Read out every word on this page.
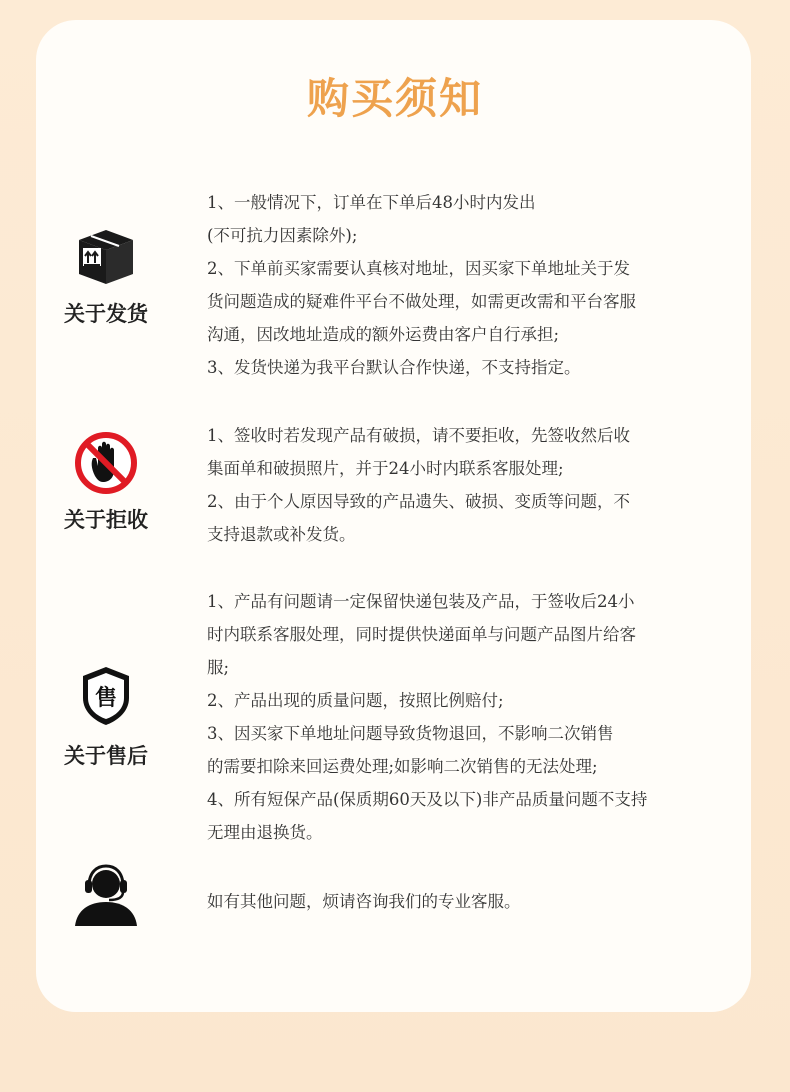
购买须知
关于发货
1、一般情况下，订单在下单后48小时内发出
(不可抗力因素除外);
2、下单前买家需要认真核对地址，因买家下单地址关于发
货问题造成的疑难件平台不做处理，如需更改需和平台客服
沟通，因改地址造成的额外运费由客户自行承担;
3、发货快递为我平台默认合作快递，不支持指定。
关于拒收
1、签收时若发现产品有破损，请不要拒收，先签收然后收
集面单和破损照片，并于24小时内联系客服处理;
2、由于个人原因导致的产品遗失、破损、变质等问题，不
支持退款或补发货。
售
关于售后
1、产品有问题请一定保留快递包装及产品，于签收后24小
时内联系客服处理，同时提供快递面单与问题产品图片给客
服;
2、产品出现的质量问题，按照比例赔付;
3、因买家下单地址问题导致货物退回，不影响二次销售
的需要扣除来回运费处理;如影响二次销售的无法处理;
4、所有短保产品(保质期60天及以下)非产品质量问题不支持
无理由退换货。
如有其他问题，烦请咨询我们的专业客服。
